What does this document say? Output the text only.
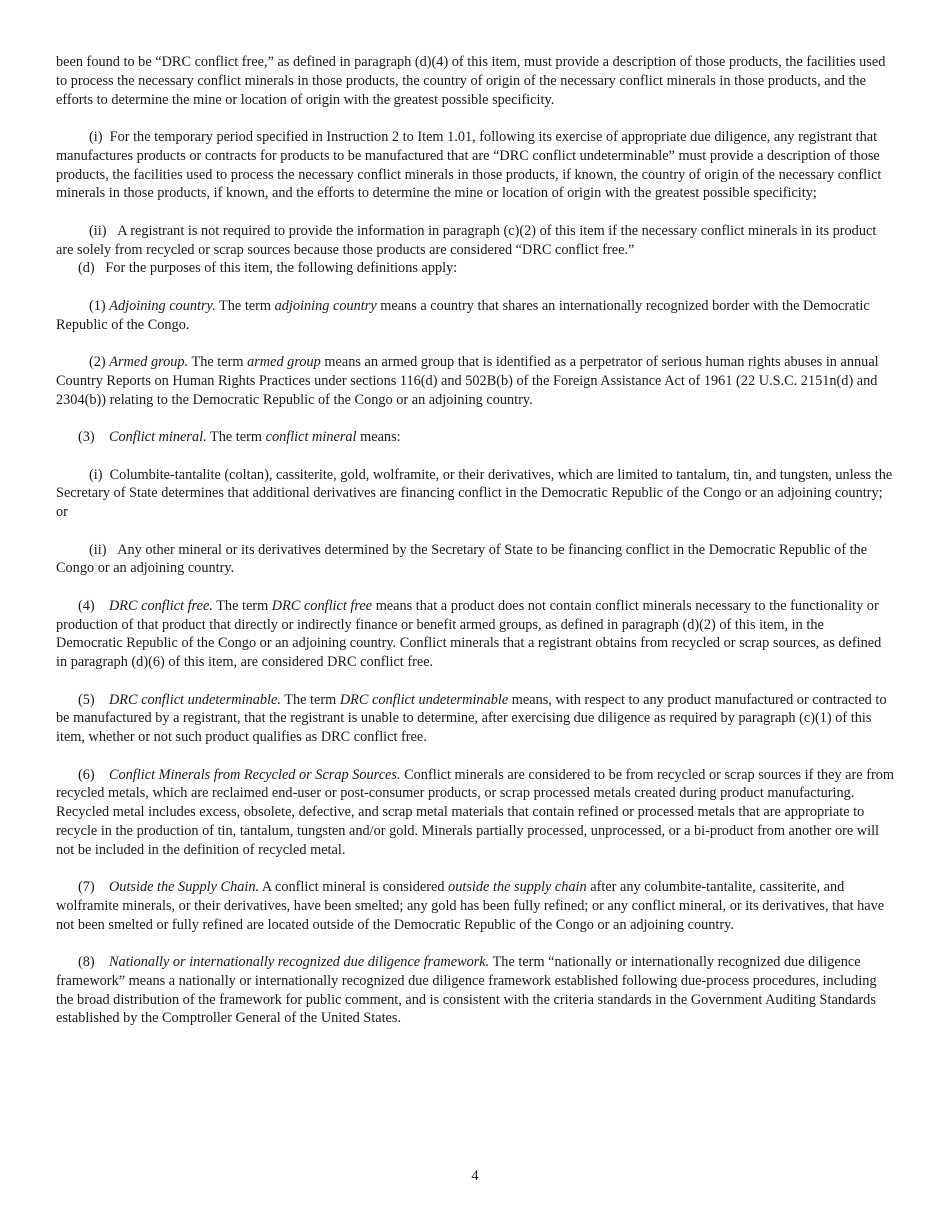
been found to be “DRC conflict free,” as defined in paragraph (d)(4) of this item, must provide a description of those products, the facilities used to process the necessary conflict minerals in those products, the country of origin of the necessary conflict minerals in those products, and the efforts to determine the mine or location of origin with the greatest possible specificity.

(i)  For the temporary period specified in Instruction 2 to Item 1.01, following its exercise of appropriate due diligence, any registrant that manufactures products or contracts for products to be manufactured that are “DRC conflict undeterminable” must provide a description of those products, the facilities used to process the necessary conflict minerals in those products, if known, the country of origin of the necessary conflict minerals in those products, if known, and the efforts to determine the mine or location of origin with the greatest possible specificity;

(ii)   A registrant is not required to provide the information in paragraph (c)(2) of this item if the necessary conflict minerals in its product are solely from recycled or scrap sources because those products are considered “DRC conflict free.”

(d)   For the purposes of this item, the following definitions apply:

(1) Adjoining country. The term adjoining country means a country that shares an internationally recognized border with the Democratic Republic of the Congo.

(2) Armed group. The term armed group means an armed group that is identified as a perpetrator of serious human rights abuses in annual Country Reports on Human Rights Practices under sections 116(d) and 502B(b) of the Foreign Assistance Act of 1961 (22 U.S.C. 2151n(d) and 2304(b)) relating to the Democratic Republic of the Congo or an adjoining country.

(3) Conflict mineral. The term conflict mineral means:

(i)  Columbite-tantalite (coltan), cassiterite, gold, wolframite, or their derivatives, which are limited to tantalum, tin, and tungsten, unless the Secretary of State determines that additional derivatives are financing conflict in the Democratic Republic of the Congo or an adjoining country; or

(ii)   Any other mineral or its derivatives determined by the Secretary of State to be financing conflict in the Democratic Republic of the Congo or an adjoining country.

(4) DRC conflict free. The term DRC conflict free means that a product does not contain conflict minerals necessary to the functionality or production of that product that directly or indirectly finance or benefit armed groups, as defined in paragraph (d)(2) of this item, in the Democratic Republic of the Congo or an adjoining country. Conflict minerals that a registrant obtains from recycled or scrap sources, as defined in paragraph (d)(6) of this item, are considered DRC conflict free.

(5) DRC conflict undeterminable. The term DRC conflict undeterminable means, with respect to any product manufactured or contracted to be manufactured by a registrant, that the registrant is unable to determine, after exercising due diligence as required by paragraph (c)(1) of this item, whether or not such product qualifies as DRC conflict free.

(6) Conflict Minerals from Recycled or Scrap Sources. Conflict minerals are considered to be from recycled or scrap sources if they are from recycled metals, which are reclaimed end-user or post-consumer products, or scrap processed metals created during product manufacturing. Recycled metal includes excess, obsolete, defective, and scrap metal materials that contain refined or processed metals that are appropriate to recycle in the production of tin, tantalum, tungsten and/or gold. Minerals partially processed, unprocessed, or a bi-product from another ore will not be included in the definition of recycled metal.

(7) Outside the Supply Chain. A conflict mineral is considered outside the supply chain after any columbite-tantalite, cassiterite, and wolframite minerals, or their derivatives, have been smelted; any gold has been fully refined; or any conflict mineral, or its derivatives, that have not been smelted or fully refined are located outside of the Democratic Republic of the Congo or an adjoining country.

(8) Nationally or internationally recognized due diligence framework. The term “nationally or internationally recognized due diligence framework” means a nationally or internationally recognized due diligence framework established following due-process procedures, including the broad distribution of the framework for public comment, and is consistent with the criteria standards in the Government Auditing Standards established by the Comptroller General of the United States.

4
